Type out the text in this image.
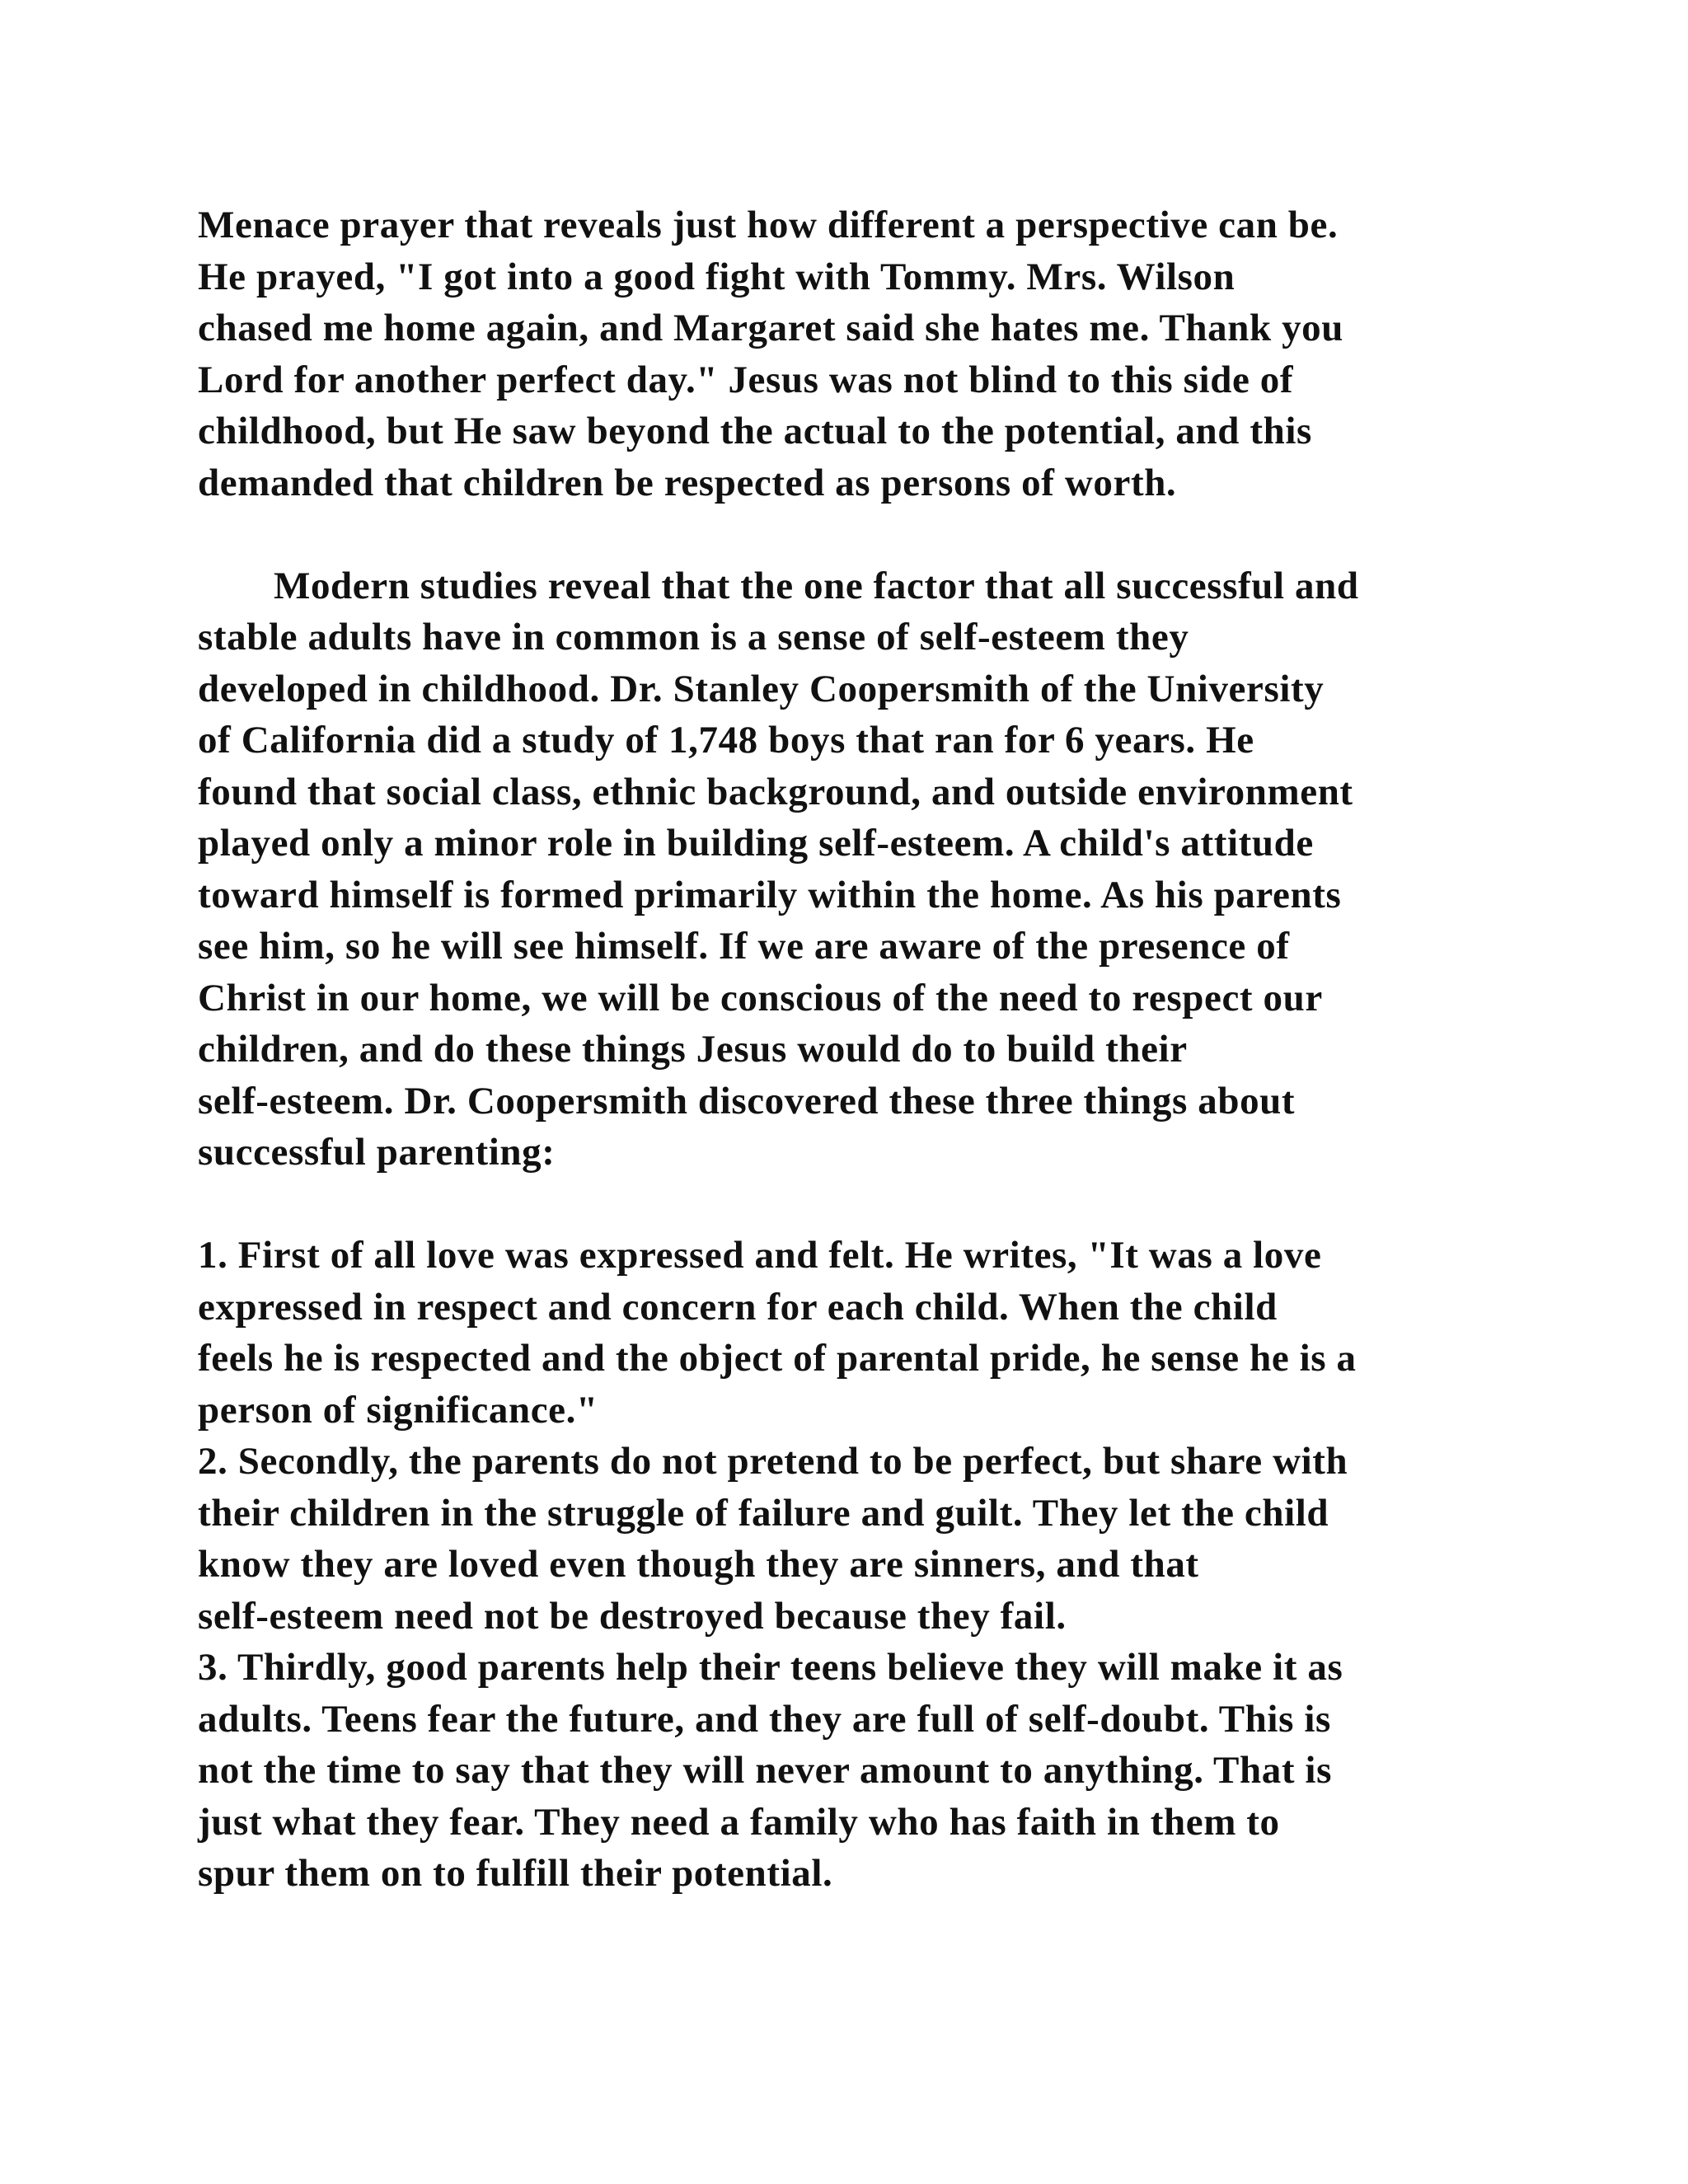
Menace prayer that reveals just how different a perspective can be.
He prayed, "I got into a good fight with Tommy. Mrs. Wilson
chased me home again, and Margaret said she hates me. Thank you
Lord for another perfect day." Jesus was not blind to this side of
childhood, but He saw beyond the actual to the potential, and this
demanded that children be respected as persons of worth.
Modern studies reveal that the one factor that all successful and
stable adults have in common is a sense of self-esteem they
developed in childhood. Dr. Stanley Coopersmith of the University
of California did a study of 1,748 boys that ran for 6 years. He
found that social class, ethnic background, and outside environment
played only a minor role in building self-esteem. A child's attitude
toward himself is formed primarily within the home. As his parents
see him, so he will see himself. If we are aware of the presence of
Christ in our home, we will be conscious of the need to respect our
children, and do these things Jesus would do to build their
self-esteem. Dr. Coopersmith discovered these three things about
successful parenting:
1. First of all love was expressed and felt. He writes, "It was a love
expressed in respect and concern for each child. When the child
feels he is respected and the object of parental pride, he sense he is a
person of significance."
2. Secondly, the parents do not pretend to be perfect, but share with
their children in the struggle of failure and guilt. They let the child
know they are loved even though they are sinners, and that
self-esteem need not be destroyed because they fail.
3. Thirdly, good parents help their teens believe they will make it as
adults. Teens fear the future, and they are full of self-doubt. This is
not the time to say that they will never amount to anything. That is
just what they fear. They need a family who has faith in them to
spur them on to fulfill their potential.
